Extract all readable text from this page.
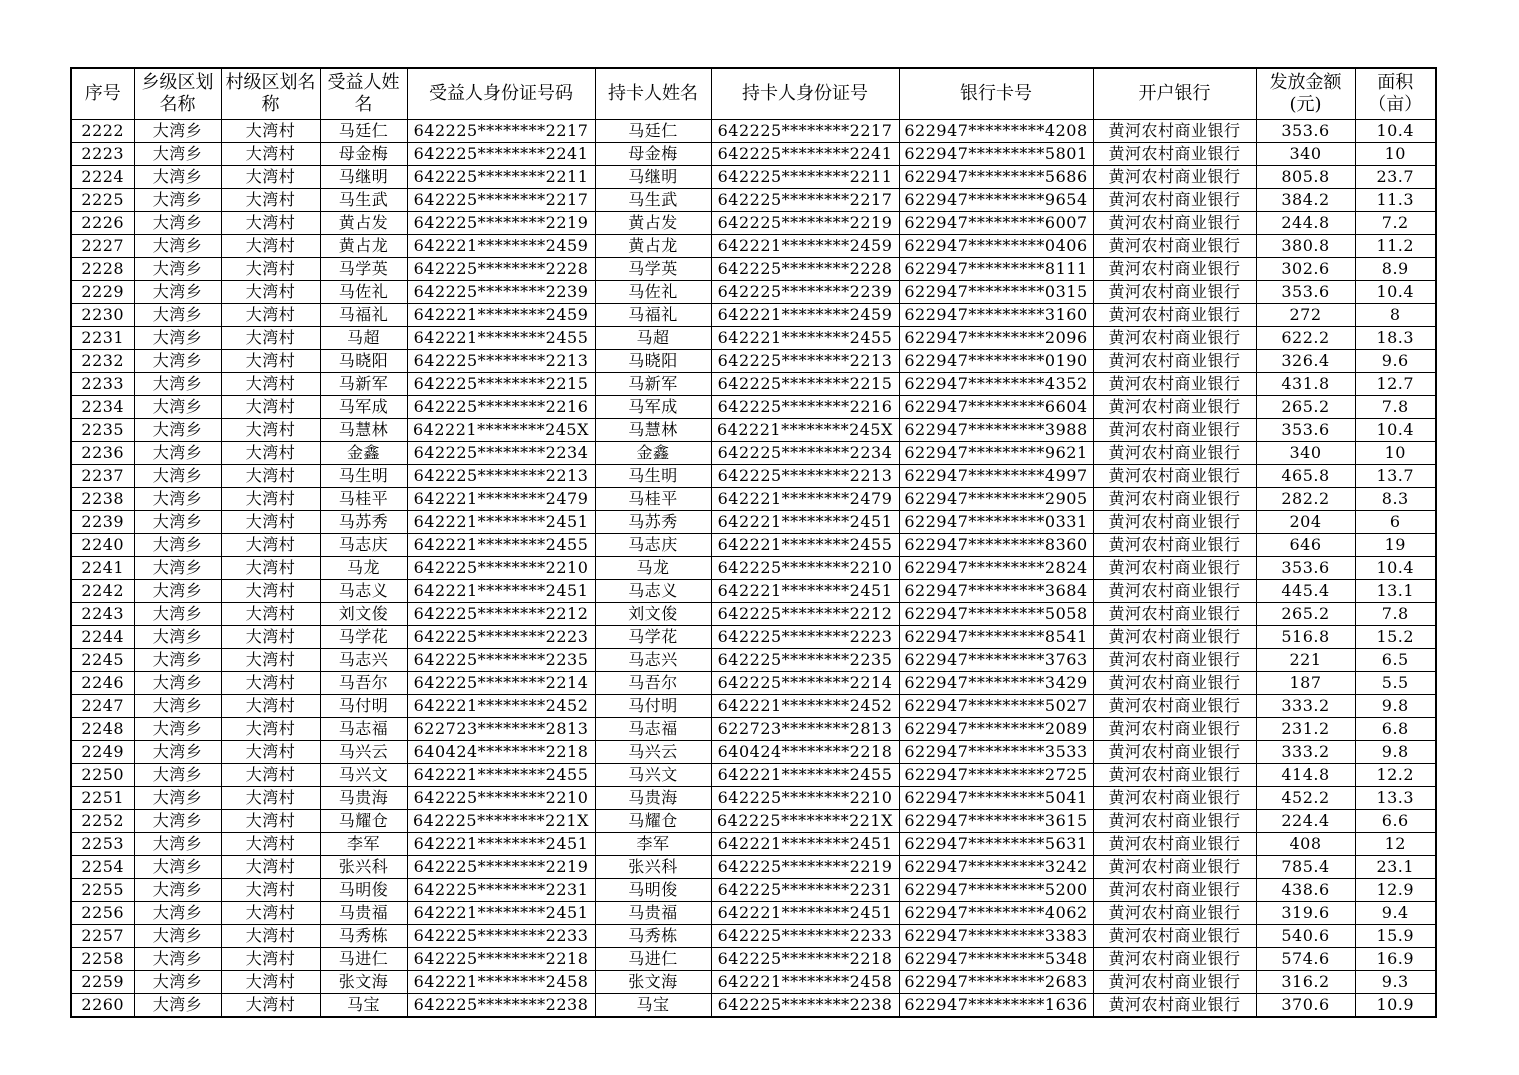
序号	乡级区划名称	村级区划名称	受益人姓名	受益人身份证号码	持卡人姓名	持卡人身份证号	银行卡号	开户银行	发放金额(元)	面积（亩）
2222	大湾乡	大湾村	马廷仁	642225********2217	马廷仁	642225********2217	622947*********4208	黄河农村商业银行	353.6	10.4
2223	大湾乡	大湾村	母金梅	642225********2241	母金梅	642225********2241	622947*********5801	黄河农村商业银行	340	10
2224	大湾乡	大湾村	马继明	642225********2211	马继明	642225********2211	622947*********5686	黄河农村商业银行	805.8	23.7
2225	大湾乡	大湾村	马生武	642225********2217	马生武	642225********2217	622947*********9654	黄河农村商业银行	384.2	11.3
2226	大湾乡	大湾村	黄占发	642225********2219	黄占发	642225********2219	622947*********6007	黄河农村商业银行	244.8	7.2
2227	大湾乡	大湾村	黄占龙	642221********2459	黄占龙	642221********2459	622947*********0406	黄河农村商业银行	380.8	11.2
2228	大湾乡	大湾村	马学英	642225********2228	马学英	642225********2228	622947*********8111	黄河农村商业银行	302.6	8.9
2229	大湾乡	大湾村	马佐礼	642225********2239	马佐礼	642225********2239	622947*********0315	黄河农村商业银行	353.6	10.4
2230	大湾乡	大湾村	马福礼	642221********2459	马福礼	642221********2459	622947*********3160	黄河农村商业银行	272	8
2231	大湾乡	大湾村	马超	642221********2455	马超	642221********2455	622947*********2096	黄河农村商业银行	622.2	18.3
2232	大湾乡	大湾村	马晓阳	642225********2213	马晓阳	642225********2213	622947*********0190	黄河农村商业银行	326.4	9.6
2233	大湾乡	大湾村	马新军	642225********2215	马新军	642225********2215	622947*********4352	黄河农村商业银行	431.8	12.7
2234	大湾乡	大湾村	马军成	642225********2216	马军成	642225********2216	622947*********6604	黄河农村商业银行	265.2	7.8
2235	大湾乡	大湾村	马慧林	642221********245X	马慧林	642221********245X	622947*********3988	黄河农村商业银行	353.6	10.4
2236	大湾乡	大湾村	金鑫	642225********2234	金鑫	642225********2234	622947*********9621	黄河农村商业银行	340	10
2237	大湾乡	大湾村	马生明	642225********2213	马生明	642225********2213	622947*********4997	黄河农村商业银行	465.8	13.7
2238	大湾乡	大湾村	马桂平	642221********2479	马桂平	642221********2479	622947*********2905	黄河农村商业银行	282.2	8.3
2239	大湾乡	大湾村	马苏秀	642221********2451	马苏秀	642221********2451	622947*********0331	黄河农村商业银行	204	6
2240	大湾乡	大湾村	马志庆	642221********2455	马志庆	642221********2455	622947*********8360	黄河农村商业银行	646	19
2241	大湾乡	大湾村	马龙	642225********2210	马龙	642225********2210	622947*********2824	黄河农村商业银行	353.6	10.4
2242	大湾乡	大湾村	马志义	642221********2451	马志义	642221********2451	622947*********3684	黄河农村商业银行	445.4	13.1
2243	大湾乡	大湾村	刘文俊	642225********2212	刘文俊	642225********2212	622947*********5058	黄河农村商业银行	265.2	7.8
2244	大湾乡	大湾村	马学花	642225********2223	马学花	642225********2223	622947*********8541	黄河农村商业银行	516.8	15.2
2245	大湾乡	大湾村	马志兴	642225********2235	马志兴	642225********2235	622947*********3763	黄河农村商业银行	221	6.5
2246	大湾乡	大湾村	马吾尔	642225********2214	马吾尔	642225********2214	622947*********3429	黄河农村商业银行	187	5.5
2247	大湾乡	大湾村	马付明	642221********2452	马付明	642221********2452	622947*********5027	黄河农村商业银行	333.2	9.8
2248	大湾乡	大湾村	马志福	622723********2813	马志福	622723********2813	622947*********2089	黄河农村商业银行	231.2	6.8
2249	大湾乡	大湾村	马兴云	640424********2218	马兴云	640424********2218	622947*********3533	黄河农村商业银行	333.2	9.8
2250	大湾乡	大湾村	马兴文	642221********2455	马兴文	642221********2455	622947*********2725	黄河农村商业银行	414.8	12.2
2251	大湾乡	大湾村	马贵海	642225********2210	马贵海	642225********2210	622947*********5041	黄河农村商业银行	452.2	13.3
2252	大湾乡	大湾村	马耀仓	642225********221X	马耀仓	642225********221X	622947*********3615	黄河农村商业银行	224.4	6.6
2253	大湾乡	大湾村	李军	642221********2451	李军	642221********2451	622947*********5631	黄河农村商业银行	408	12
2254	大湾乡	大湾村	张兴科	642225********2219	张兴科	642225********2219	622947*********3242	黄河农村商业银行	785.4	23.1
2255	大湾乡	大湾村	马明俊	642225********2231	马明俊	642225********2231	622947*********5200	黄河农村商业银行	438.6	12.9
2256	大湾乡	大湾村	马贵福	642221********2451	马贵福	642221********2451	622947*********4062	黄河农村商业银行	319.6	9.4
2257	大湾乡	大湾村	马秀栋	642225********2233	马秀栋	642225********2233	622947*********3383	黄河农村商业银行	540.6	15.9
2258	大湾乡	大湾村	马进仁	642225********2218	马进仁	642225********2218	622947*********5348	黄河农村商业银行	574.6	16.9
2259	大湾乡	大湾村	张文海	642221********2458	张文海	642221********2458	622947*********2683	黄河农村商业银行	316.2	9.3
2260	大湾乡	大湾村	马宝	642225********2238	马宝	642225********2238	622947*********1636	黄河农村商业银行	370.6	10.9
